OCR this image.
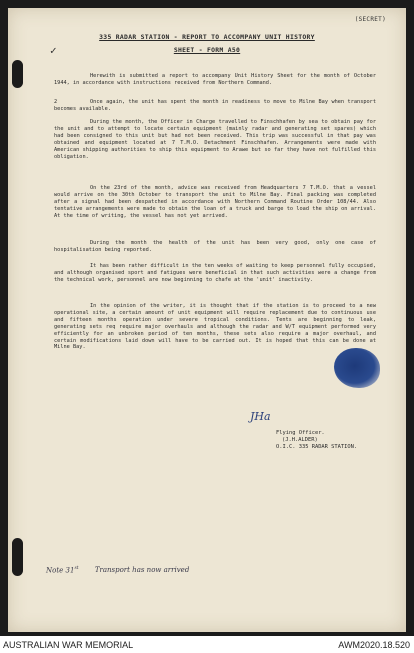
✓
(SECRET)
335 RADAR STATION - REPORT TO ACCOMPANY UNIT HISTORY
SHEET - FORM A50
Herewith is submitted a report to accompany Unit History Sheet for the month of October 1944, in accordance with instructions received from Northern Command.
2	Once again, the unit has spent the month in readiness to move to Milne Bay when transport becomes available.
During the month, the Officer in Charge travelled to Finschhafen by sea to obtain pay for the unit and to attempt to locate certain equipment (mainly radar and generating set spares) which had been consigned to this unit but had not been received. This trip was successful in that pay was obtained and equipment located at 7 T.M.O. Detachment Finschhafen. Arrangements were made with American shipping authorities to ship this equipment to Arawe but so far they have not fulfilled this obligation.
On the 23rd of the month, advice was received from Headquarters 7 T.M.O. that a vessel would arrive on the 30th October to transport the unit to Milne Bay. Final packing was completed after a signal had been despatched in accordance with Northern Command Routine Order 108/44. Also tentative arrangements were made to obtain the loan of a truck and barge to load the ship on arrival. At the time of writing, the vessel has not yet arrived.
During the month the health of the unit has been very good, only one case of hospitalisation being reported.
It has been rather difficult in the ten weeks of waiting to keep personnel fully occupied, and although organised sport and fatigues were beneficial in that such activities were a change from the technical work, personnel are now beginning to chafe at the 'unit' inactivity.
In the opinion of the writer, it is thought that if the station is to proceed to a new operational site, a certain amount of unit equipment will require replacement due to continuous use and fifteen months operation under severe tropical conditions. Tents are beginning to leak, generating sets req require major overhauls and although the radar and W/T equipment performed very efficiently for an unbroken period of ten months, these sets also require a major overhaul, and certain modifications laid down will have to be carried out. It is hoped that this can be done at Milne Bay.
JHa
Flying Officer.
(J.H.ALDER)
O.I.C. 335 RADAR STATION.
Note 31st Transport has now arrived
AUSTRALIAN WAR MEMORIAL	AWM2020.18.520
